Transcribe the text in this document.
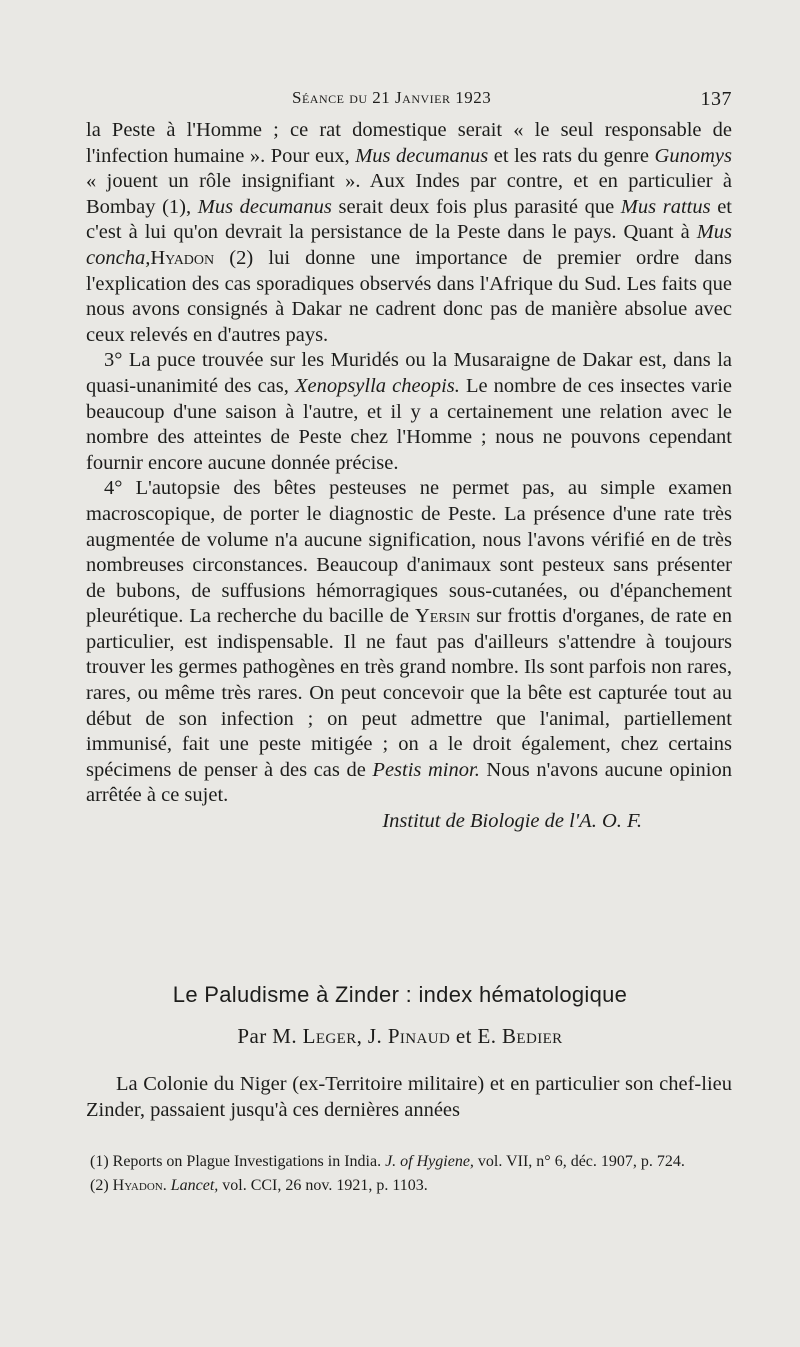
Séance du 21 Janvier 1923	137

la Peste à l'Homme ; ce rat domestique serait « le seul responsable de l'infection humaine ». Pour eux, Mus decumanus et les rats du genre Gunomys « jouent un rôle insignifiant ». Aux Indes par contre, et en particulier à Bombay (1), Mus decumanus serait deux fois plus parasité que Mus rattus et c'est à lui qu'on devrait la persistance de la Peste dans le pays. Quant à Mus concha,Hyadon (2) lui donne une importance de premier ordre dans l'explication des cas sporadiques observés dans l'Afrique du Sud. Les faits que nous avons consignés à Dakar ne cadrent donc pas de manière absolue avec ceux relevés en d'autres pays.

3° La puce trouvée sur les Muridés ou la Musaraigne de Dakar est, dans la quasi-unanimité des cas, Xenopsylla cheopis. Le nombre de ces insectes varie beaucoup d'une saison à l'autre, et il y a certainement une relation avec le nombre des atteintes de Peste chez l'Homme ; nous ne pouvons cependant fournir encore aucune donnée précise.

4° L'autopsie des bêtes pesteuses ne permet pas, au simple examen macroscopique, de porter le diagnostic de Peste. La présence d'une rate très augmentée de volume n'a aucune signification, nous l'avons vérifié en de très nombreuses circonstances. Beaucoup d'animaux sont pesteux sans présenter de bubons, de suffusions hémorragiques sous-cutanées, ou d'épanchement pleurétique. La recherche du bacille de Yersin sur frottis d'organes, de rate en particulier, est indispensable. Il ne faut pas d'ailleurs s'attendre à toujours trouver les germes pathogènes en très grand nombre. Ils sont parfois non rares, rares, ou même très rares. On peut concevoir que la bête est capturée tout au début de son infection ; on peut admettre que l'animal, partiellement immunisé, fait une peste mitigée ; on a le droit également, chez certains spécimens de penser à des cas de Pestis minor. Nous n'avons aucune opinion arrêtée à ce sujet.

Institut de Biologie de l'A. O. F.

Le Paludisme à Zinder : index hématologique
Par M. Leger, J. Pinaud et E. Bedier

La Colonie du Niger (ex-Territoire militaire) et en particulier son chef-lieu Zinder, passaient jusqu'à ces dernières années

(1) Reports on Plague Investigations in India. J. of Hygiene, vol. VII, n° 6, déc. 1907, p. 724.

(2) Hyadon. Lancet, vol. CCI, 26 nov. 1921, p. 1103.
